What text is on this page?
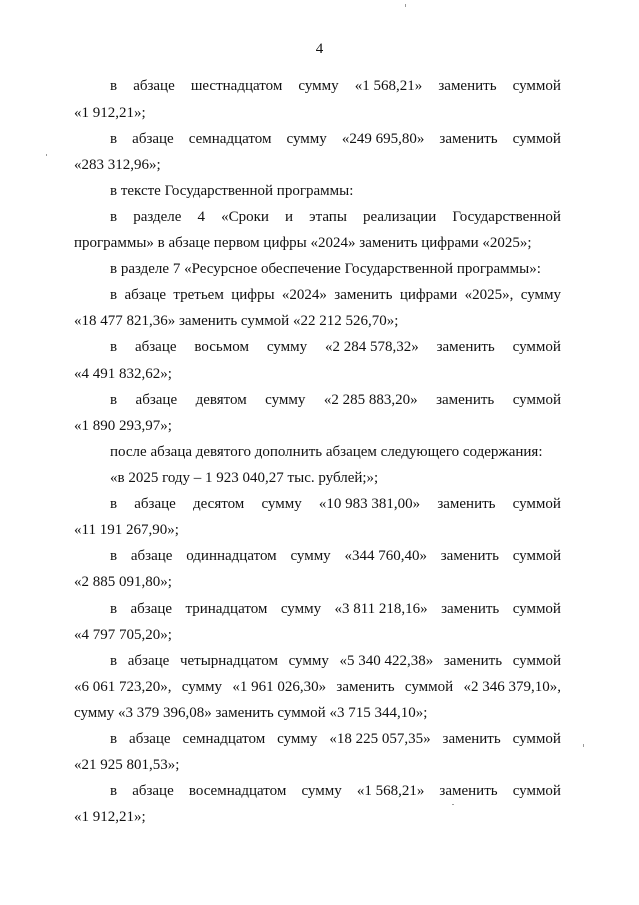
4
в абзаце шестнадцатом сумму «1 568,21» заменить суммой
«1 912,21»;
в абзаце семнадцатом сумму «249 695,80» заменить суммой
«283 312,96»;
в тексте Государственной программы:
в разделе 4 «Сроки и этапы реализации Государственной
программы» в абзаце первом цифры «2024» заменить цифрами «2025»;
в разделе 7 «Ресурсное обеспечение Государственной программы»:
в абзаце третьем цифры «2024» заменить цифрами «2025», сумму
«18 477 821,36» заменить суммой «22 212 526,70»;
в абзаце восьмом сумму «2 284 578,32» заменить суммой
«4 491 832,62»;
в абзаце девятом сумму «2 285 883,20» заменить суммой
«1 890 293,97»;
после абзаца девятого дополнить абзацем следующего содержания:
«в 2025 году – 1 923 040,27 тыс. рублей;»;
в абзаце десятом сумму «10 983 381,00» заменить суммой
«11 191 267,90»;
в абзаце одиннадцатом сумму «344 760,40» заменить суммой
«2 885 091,80»;
в абзаце тринадцатом сумму «3 811 218,16» заменить суммой
«4 797 705,20»;
в абзаце четырнадцатом сумму «5 340 422,38» заменить суммой
«6 061 723,20», сумму «1 961 026,30» заменить суммой «2 346 379,10»,
сумму «3 379 396,08» заменить суммой «3 715 344,10»;
в абзаце семнадцатом сумму «18 225 057,35» заменить суммой
«21 925 801,53»;
в абзаце восемнадцатом сумму «1 568,21» заменить суммой
«1 912,21»;
